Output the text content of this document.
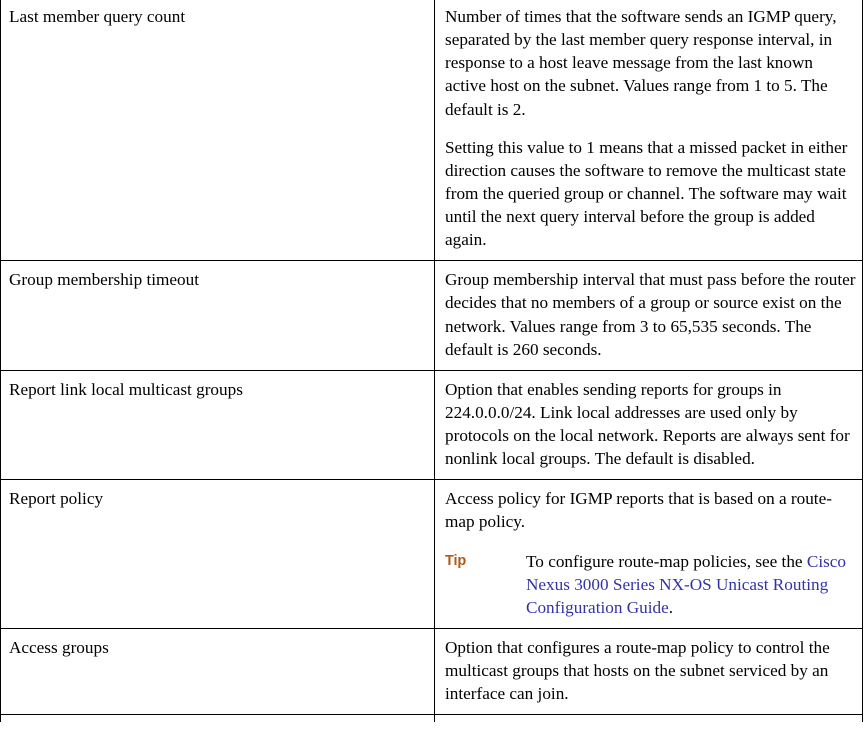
Last member query count	Number of times that the software sends an IGMP query, separated by the last member query response interval, in response to a host leave message from the last known active host on the subnet. Values range from 1 to 5. The default is 2.

Setting this value to 1 means that a missed packet in either direction causes the software to remove the multicast state from the queried group or channel. The software may wait until the next query interval before the group is added again.

Group membership timeout	Group membership interval that must pass before the router decides that no members of a group or source exist on the network. Values range from 3 to 65,535 seconds. The default is 260 seconds.

Report link local multicast groups	Option that enables sending reports for groups in 224.0.0.0/24. Link local addresses are used only by protocols on the local network. Reports are always sent for nonlink local groups. The default is disabled.

Report policy	Access policy for IGMP reports that is based on a route-map policy.

Tip To configure route-map policies, see the Cisco Nexus 3000 Series NX-OS Unicast Routing Configuration Guide.

Access groups	Option that configures a route-map policy to control the multicast groups that hosts on the subnet serviced by an interface can join.
